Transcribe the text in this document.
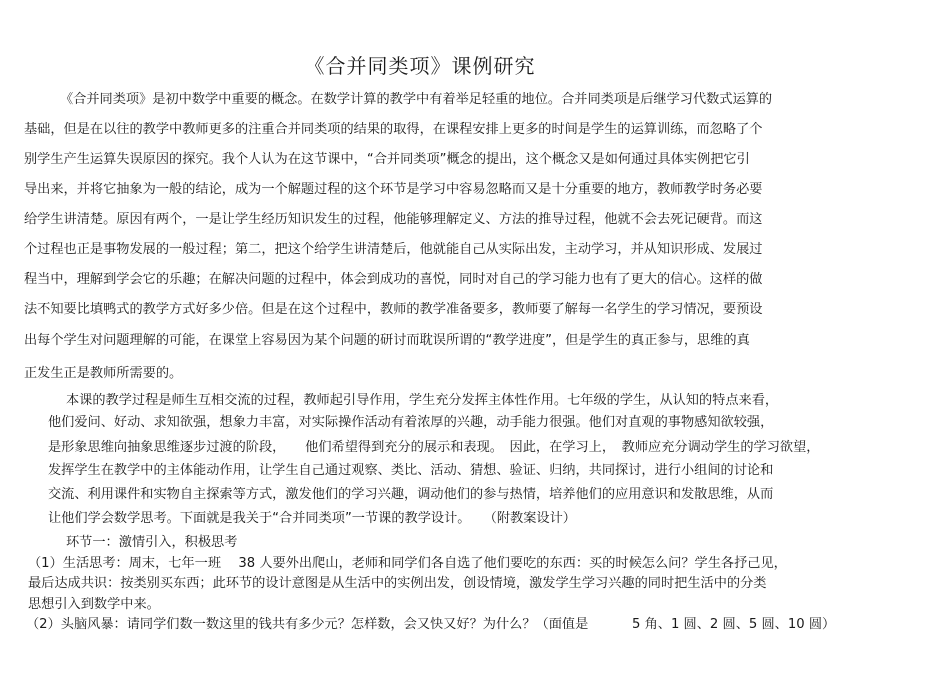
《合并同类项》课例研究
《合并同类项》是初中数学中重要的概念。在数学计算的教学中有着举足轻重的地位。合并同类项是后继学习代数式运算的
基础，但是在以往的教学中教师更多的注重合并同类项的结果的取得，在课程安排上更多的时间是学生的运算训练，而忽略了个
别学生产生运算失误原因的探究。我个人认为在这节课中，“合并同类项”概念的提出，这个概念又是如何通过具体实例把它引
导出来，并将它抽象为一般的结论，成为一个解题过程的这个环节是学习中容易忽略而又是十分重要的地方，教师教学时务必要
给学生讲清楚。原因有两个，一是让学生经历知识发生的过程，他能够理解定义、方法的推导过程，他就不会去死记硬背。而这
个过程也正是事物发展的一般过程；第二，把这个给学生讲清楚后，他就能自己从实际出发，主动学习，并从知识形成、发展过
程当中，理解到学会它的乐趣；在解决问题的过程中，体会到成功的喜悦，同时对自己的学习能力也有了更大的信心。这样的做
法不知要比填鸭式的教学方式好多少倍。但是在这个过程中，教师的教学准备要多，教师要了解每一名学生的学习情况，要预设
出每个学生对问题理解的可能，在课堂上容易因为某个问题的研讨而耽误所谓的“教学进度”，但是学生的真正参与，思维的真
正发生正是教师所需要的。
本课的教学过程是师生互相交流的过程，教师起引导作用，学生充分发挥主体性作用。七年级的学生，从认知的特点来看，
他们爱问、好动、求知欲强，想象力丰富，对实际操作活动有着浓厚的兴趣，动手能力很强。他们对直观的事物感知欲较强，
是形象思维向抽象思维逐步过渡的阶段，　　他们希望得到充分的展示和表现。　因此，在学习上，　教师应充分调动学生的学习欲望，
发挥学生在教学中的主体能动作用，让学生自己通过观察、类比、活动、猜想、验证、归纳，共同探讨，进行小组间的讨论和
交流、利用课件和实物自主探索等方式，激发他们的学习兴趣，调动他们的参与热情，培养他们的应用意识和发散思维，从而
让他们学会数学思考。下面就是我关于“合并同类项”一节课的教学设计。　　（附教案设计）
环节一：激情引入，积极思考
（1）生活思考：周末，七年一班　 38 人要外出爬山，老师和同学们各自选了他们要吃的东西：买的时候怎么问？学生各抒己见，
最后达成共识：按类别买东西；此环节的设计意图是从生活中的实例出发，创设情境，激发学生学习兴趣的同时把生活中的分类
思想引入到数学中来。
（2）头脑风暴：请同学们数一数这里的钱共有多少元？怎样数，会又快又好？为什么？（面值是　　　 5 角、1 圆、2 圆、5 圆、10 圆）
